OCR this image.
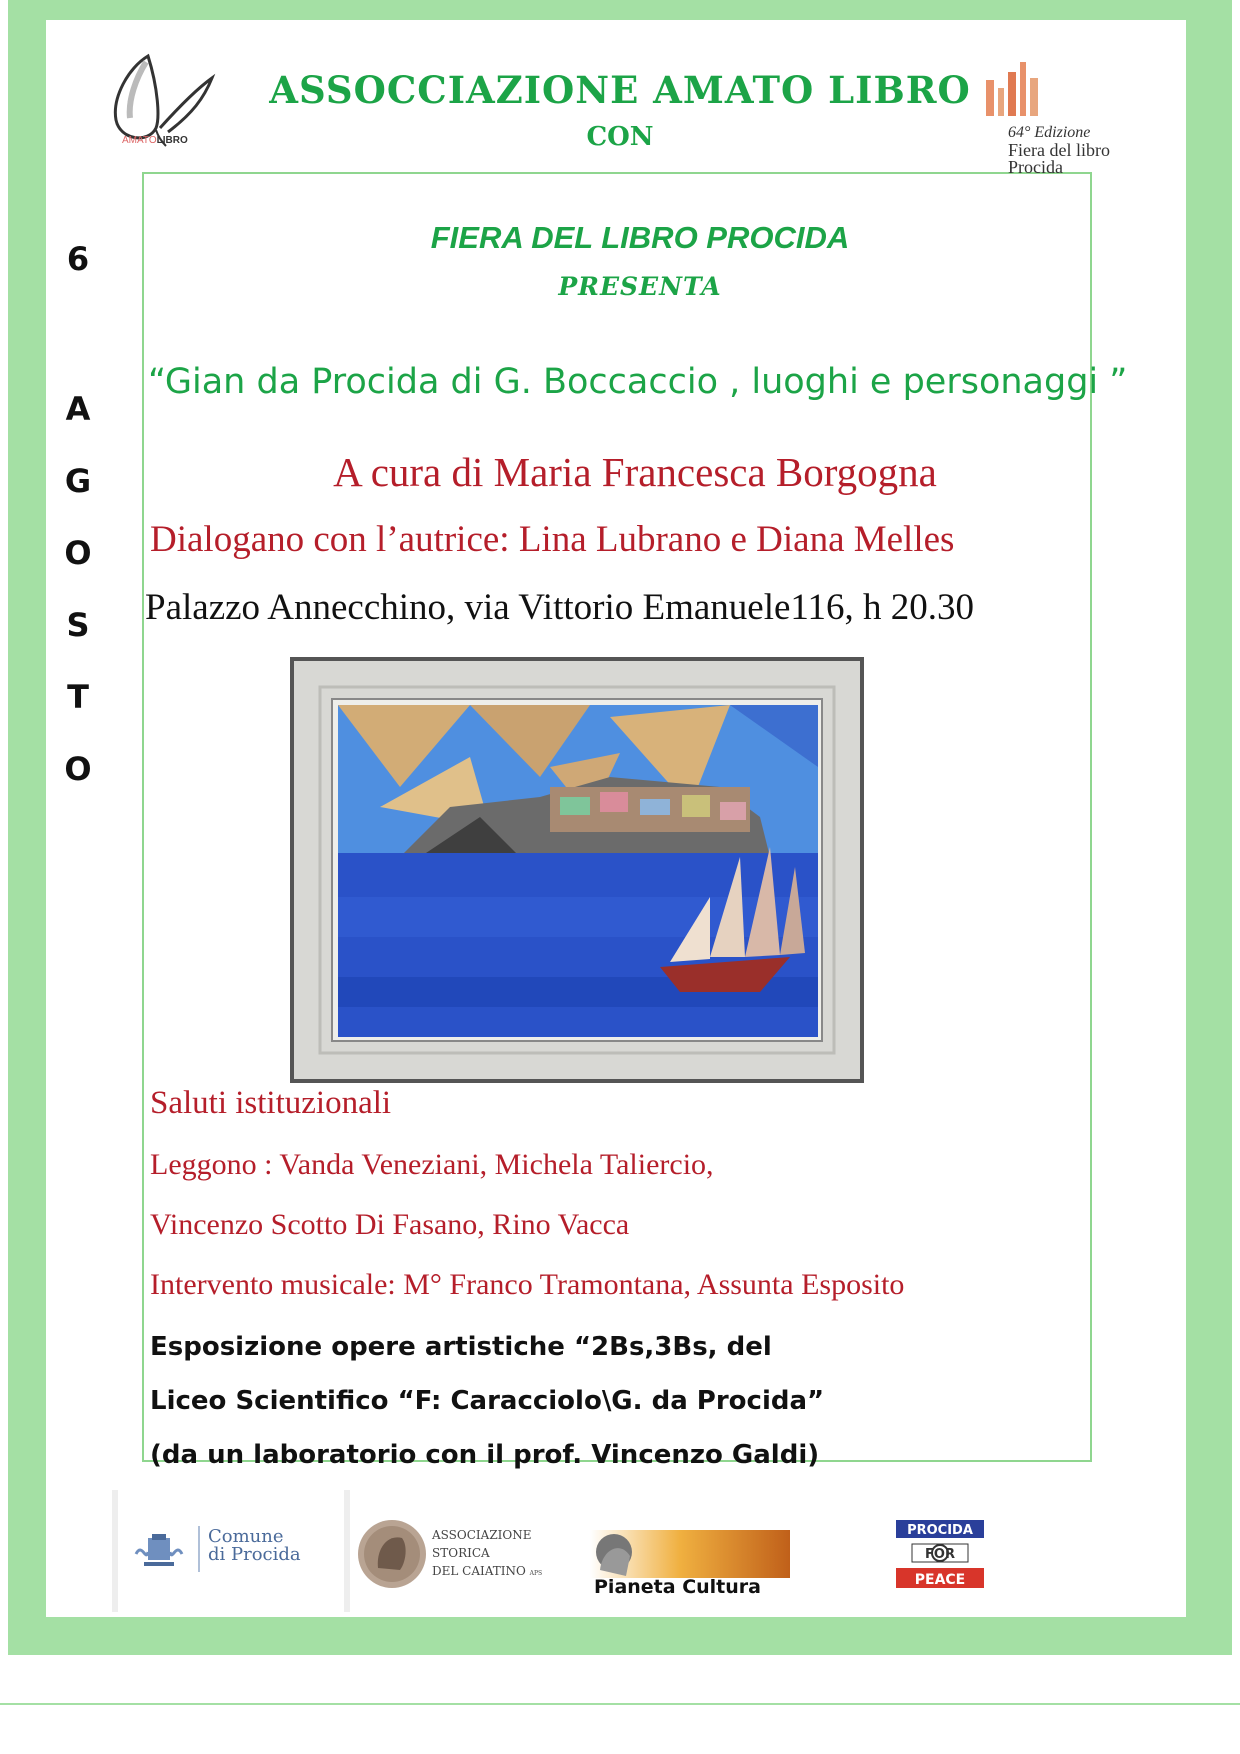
AMATOLIBRO
ASSOCCIAZIONE AMATO LIBRO
CON	64° Edizione
Fiera del libro
Procida
FIERA DEL LIBRO PROCIDA
PRESENTA
6
A
G
O
S
T
O
“Gian da Procida di G. Boccaccio , luoghi e personaggi ”
A cura di Maria Francesca Borgogna
Dialogano con l’autrice: Lina Lubrano e Diana Melles
Palazzo Annecchino, via Vittorio Emanuele116, h 20.30
Saluti istituzionali
Leggono : Vanda Veneziani, Michela Taliercio,
Vincenzo Scotto Di Fasano, Rino Vacca
Intervento musicale: M° Franco Tramontana, Assunta Esposito
Esposizione opere artistiche “2Bs,3Bs, del
Liceo Scientifico “F: Caracciolo\G. da Procida”
(da un laboratorio con il prof. Vincenzo Galdi)
Comune
di Procida
ASSOCIAZIONE
STORICA
DEL CAIATINO APS
Pianeta Cultura
PROCIDA
FOR
PEACE
